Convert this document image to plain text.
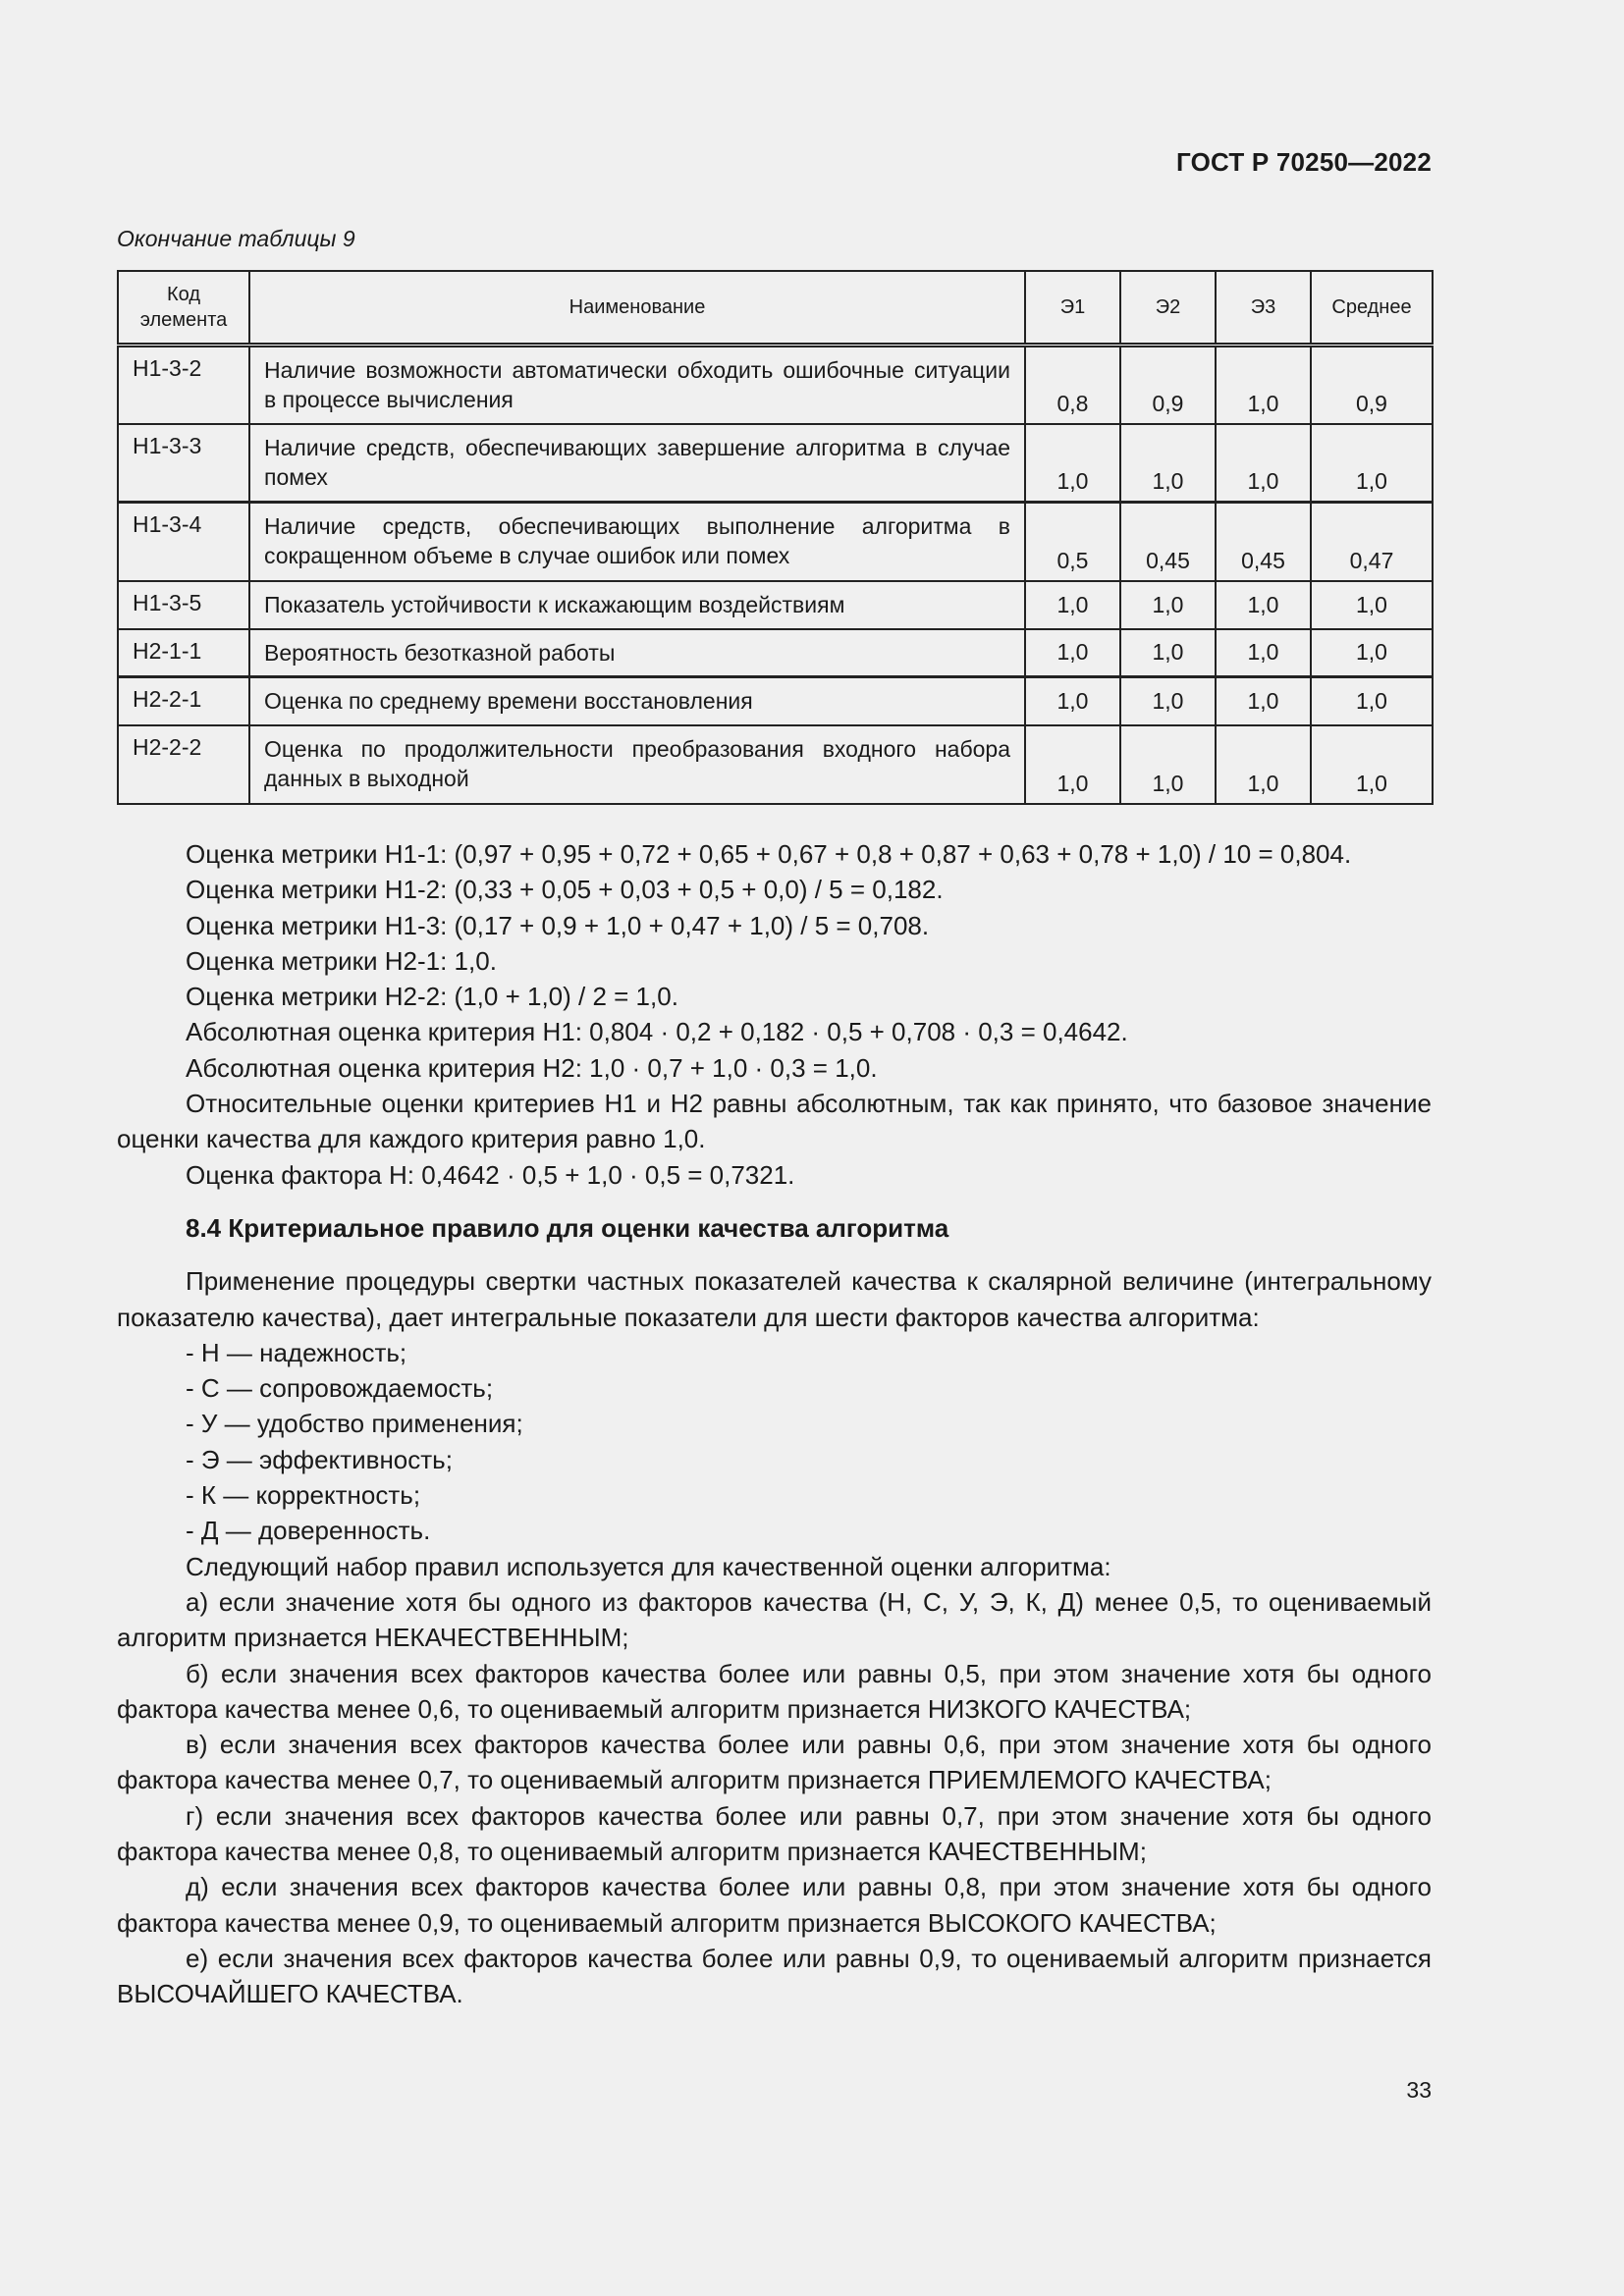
ГОСТ Р 70250—2022
Окончание таблицы 9
Код
элемента	Наименование	Э1	Э2	Э3	Среднее
Н1-3-2	Наличие возможности автоматически обходить ошибочные ситуации в процессе вычисления	0,8	0,9	1,0	0,9
Н1-3-3	Наличие средств, обеспечивающих завершение алгоритма в случае помех	1,0	1,0	1,0	1,0
Н1-3-4	Наличие средств, обеспечивающих выполнение алгоритма в сокращенном объеме в случае ошибок или помех	0,5	0,45	0,45	0,47
Н1-3-5	Показатель устойчивости к искажающим воздействиям	1,0	1,0	1,0	1,0
Н2-1-1	Вероятность безотказной работы	1,0	1,0	1,0	1,0
Н2-2-1	Оценка по среднему времени восстановления	1,0	1,0	1,0	1,0
Н2-2-2	Оценка по продолжительности преобразования входного набора данных в выходной	1,0	1,0	1,0	1,0

Оценка метрики Н1-1: (0,97 + 0,95 + 0,72 + 0,65 + 0,67 + 0,8 + 0,87 + 0,63 + 0,78 + 1,0) / 10 = 0,804.

Оценка метрики Н1-2: (0,33 + 0,05 + 0,03 + 0,5 + 0,0) / 5 = 0,182.

Оценка метрики Н1-3: (0,17 + 0,9 + 1,0 + 0,47 + 1,0) / 5 = 0,708.

Оценка метрики Н2-1: 1,0.

Оценка метрики Н2-2: (1,0 + 1,0) / 2 = 1,0.

Абсолютная оценка критерия Н1: 0,804 · 0,2 + 0,182 · 0,5 + 0,708 · 0,3 = 0,4642.

Абсолютная оценка критерия Н2: 1,0 · 0,7 + 1,0 · 0,3 = 1,0.

Относительные оценки критериев Н1 и Н2 равны абсолютным, так как принято, что базовое значение оценки качества для каждого критерия равно 1,0.

Оценка фактора Н: 0,4642 · 0,5 + 1,0 · 0,5 = 0,7321.

8.4 Критериальное правило для оценки качества алгоритма

Применение процедуры свертки частных показателей качества к скалярной величине (интегральному показателю качества), дает интегральные показатели для шести факторов качества алгоритма:

- Н — надежность;

- С — сопровождаемость;

- У — удобство применения;

- Э — эффективность;

- К — корректность;

- Д — доверенность.

Следующий набор правил используется для качественной оценки алгоритма:

а) если значение хотя бы одного из факторов качества (Н, С, У, Э, К, Д) менее 0,5, то оцениваемый алгоритм признается НЕКАЧЕСТВЕННЫМ;

б) если значения всех факторов качества более или равны 0,5, при этом значение хотя бы одного фактора качества менее 0,6, то оцениваемый алгоритм признается НИЗКОГО КАЧЕСТВА;

в) если значения всех факторов качества более или равны 0,6, при этом значение хотя бы одного фактора качества менее 0,7, то оцениваемый алгоритм признается ПРИЕМЛЕМОГО КАЧЕСТВА;

г) если значения всех факторов качества более или равны 0,7, при этом значение хотя бы одного фактора качества менее 0,8, то оцениваемый алгоритм признается КАЧЕСТВЕННЫМ;

д) если значения всех факторов качества более или равны 0,8, при этом значение хотя бы одного фактора качества менее 0,9, то оцениваемый алгоритм признается ВЫСОКОГО КАЧЕСТВА;

е) если значения всех факторов качества более или равны 0,9, то оцениваемый алгоритм признается ВЫСОЧАЙШЕГО КАЧЕСТВА.

33
